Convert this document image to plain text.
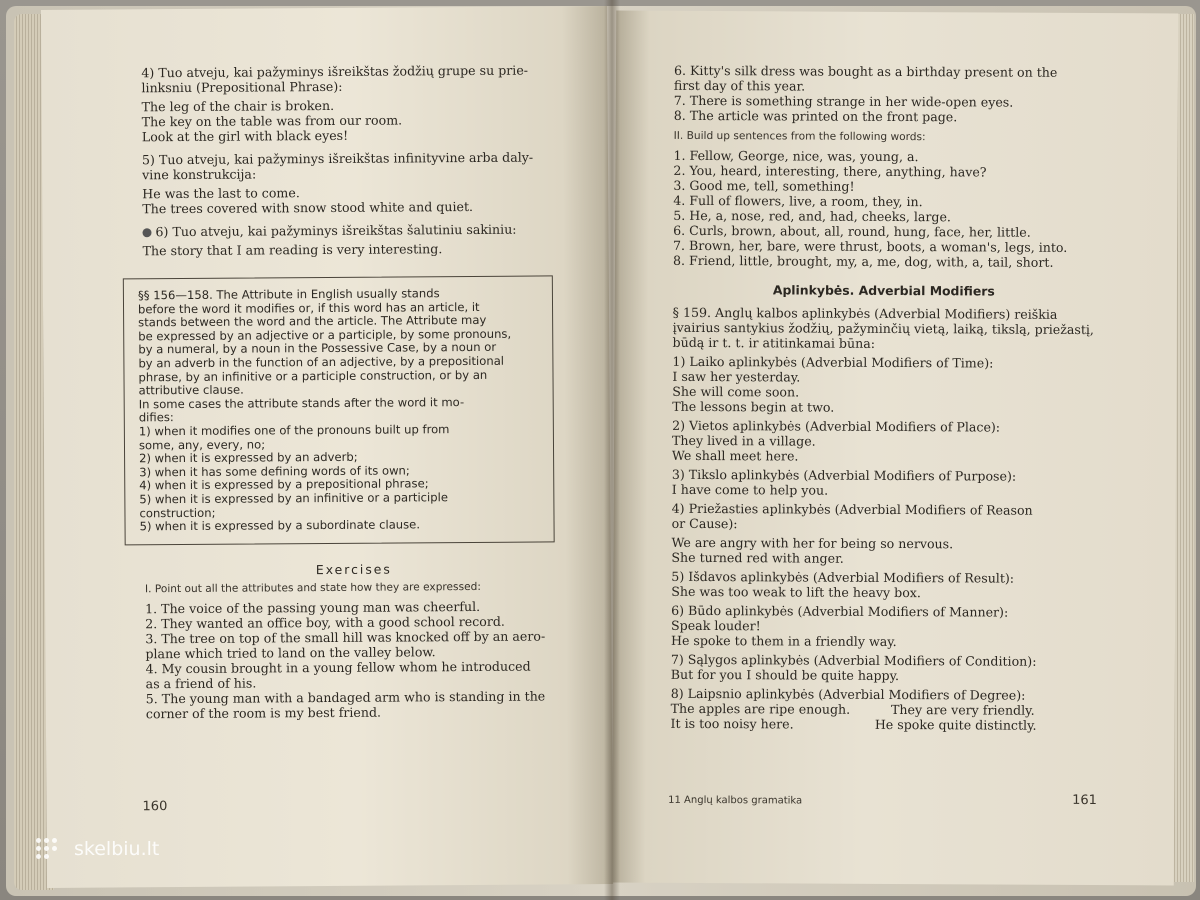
4) Tuo atveju, kai pažyminys išreikštas žodžių grupe su prie-

linksniu (Prepositional Phrase):

The leg of the chair is broken.

The key on the table was from our room.

Look at the girl with black eyes!

5) Tuo atveju, kai pažyminys išreikštas infinityvine arba daly-

vine konstrukcija:

He was the last to come.

The trees covered with snow stood white and quiet.

6) Tuo atveju, kai pažyminys išreikštas šalutiniu sakiniu:

The story that I am reading is very interesting.

§§ 156—158. The Attribute in English usually stands

before the word it modifies or, if this word has an article, it

stands between the word and the article. The Attribute may

be expressed by an adjective or a participle, by some pronouns,

by a numeral, by a noun in the Possessive Case, by a noun or

by an adverb in the function of an adjective, by a prepositional

phrase, by an infinitive or a participle construction, or by an

attributive clause.

In some cases the attribute stands after the word it mo-

difies:

1) when it modifies one of the pronouns built up from

some, any, every, no;

2) when it is expressed by an adverb;

3) when it has some defining words of its own;

4) when it is expressed by a prepositional phrase;

5) when it is expressed by an infinitive or a participle

construction;

5) when it is expressed by a subordinate clause.

Exercises
I. Point out all the attributes and state how they are expressed:

1. The voice of the passing young man was cheerful.

2. They wanted an office boy, with a good school record.

3. The tree on top of the small hill was knocked off by an aero-

plane which tried to land on the valley below.

4. My cousin brought in a young fellow whom he introduced

as a friend of his.

5. The young man with a bandaged arm who is standing in the

corner of the room is my best friend.

160

6. Kitty's silk dress was bought as a birthday present on the

first day of this year.

7. There is something strange in her wide-open eyes.

8. The article was printed on the front page.

II. Build up sentences from the following words:

1. Fellow, George, nice, was, young, a.

2. You, heard, interesting, there, anything, have?

3. Good me, tell, something!

4. Full of flowers, live, a room, they, in.

5. He, a, nose, red, and, had, cheeks, large.

6. Curls, brown, about, all, round, hung, face, her, little.

7. Brown, her, bare, were thrust, boots, a woman's, legs, into.

8. Friend, little, brought, my, a, me, dog, with, a, tail, short.

Aplinkybės. Adverbial Modifiers

§ 159. Anglų kalbos aplinkybės (Adverbial Modifiers) reiškia

įvairius santykius žodžių, pažyminčių vietą, laiką, tikslą, priežastį,

būdą ir t. t. ir atitinkamai būna:

1) Laiko aplinkybės (Adverbial Modifiers of Time):

I saw her yesterday.

She will come soon.

The lessons begin at two.

2) Vietos aplinkybės (Adverbial Modifiers of Place):

They lived in a village.

We shall meet here.

3) Tikslo aplinkybės (Adverbial Modifiers of Purpose):

I have come to help you.

4) Priežasties aplinkybės (Adverbial Modifiers of Reason

or Cause):

We are angry with her for being so nervous.

She turned red with anger.

5) Išdavos aplinkybės (Adverbial Modifiers of Result):

She was too weak to lift the heavy box.

6) Būdo aplinkybės (Adverbial Modifiers of Manner):

Speak louder!

He spoke to them in a friendly way.

7) Sąlygos aplinkybės (Adverbial Modifiers of Condition):

But for you I should be quite happy.

8) Laipsnio aplinkybės (Adverbial Modifiers of Degree):

The apples are ripe enough.	They are very friendly.
It is too noisy here.	He spoke quite distinctly.
11 Anglų kalbos gramatika	161
skelbiu.lt
